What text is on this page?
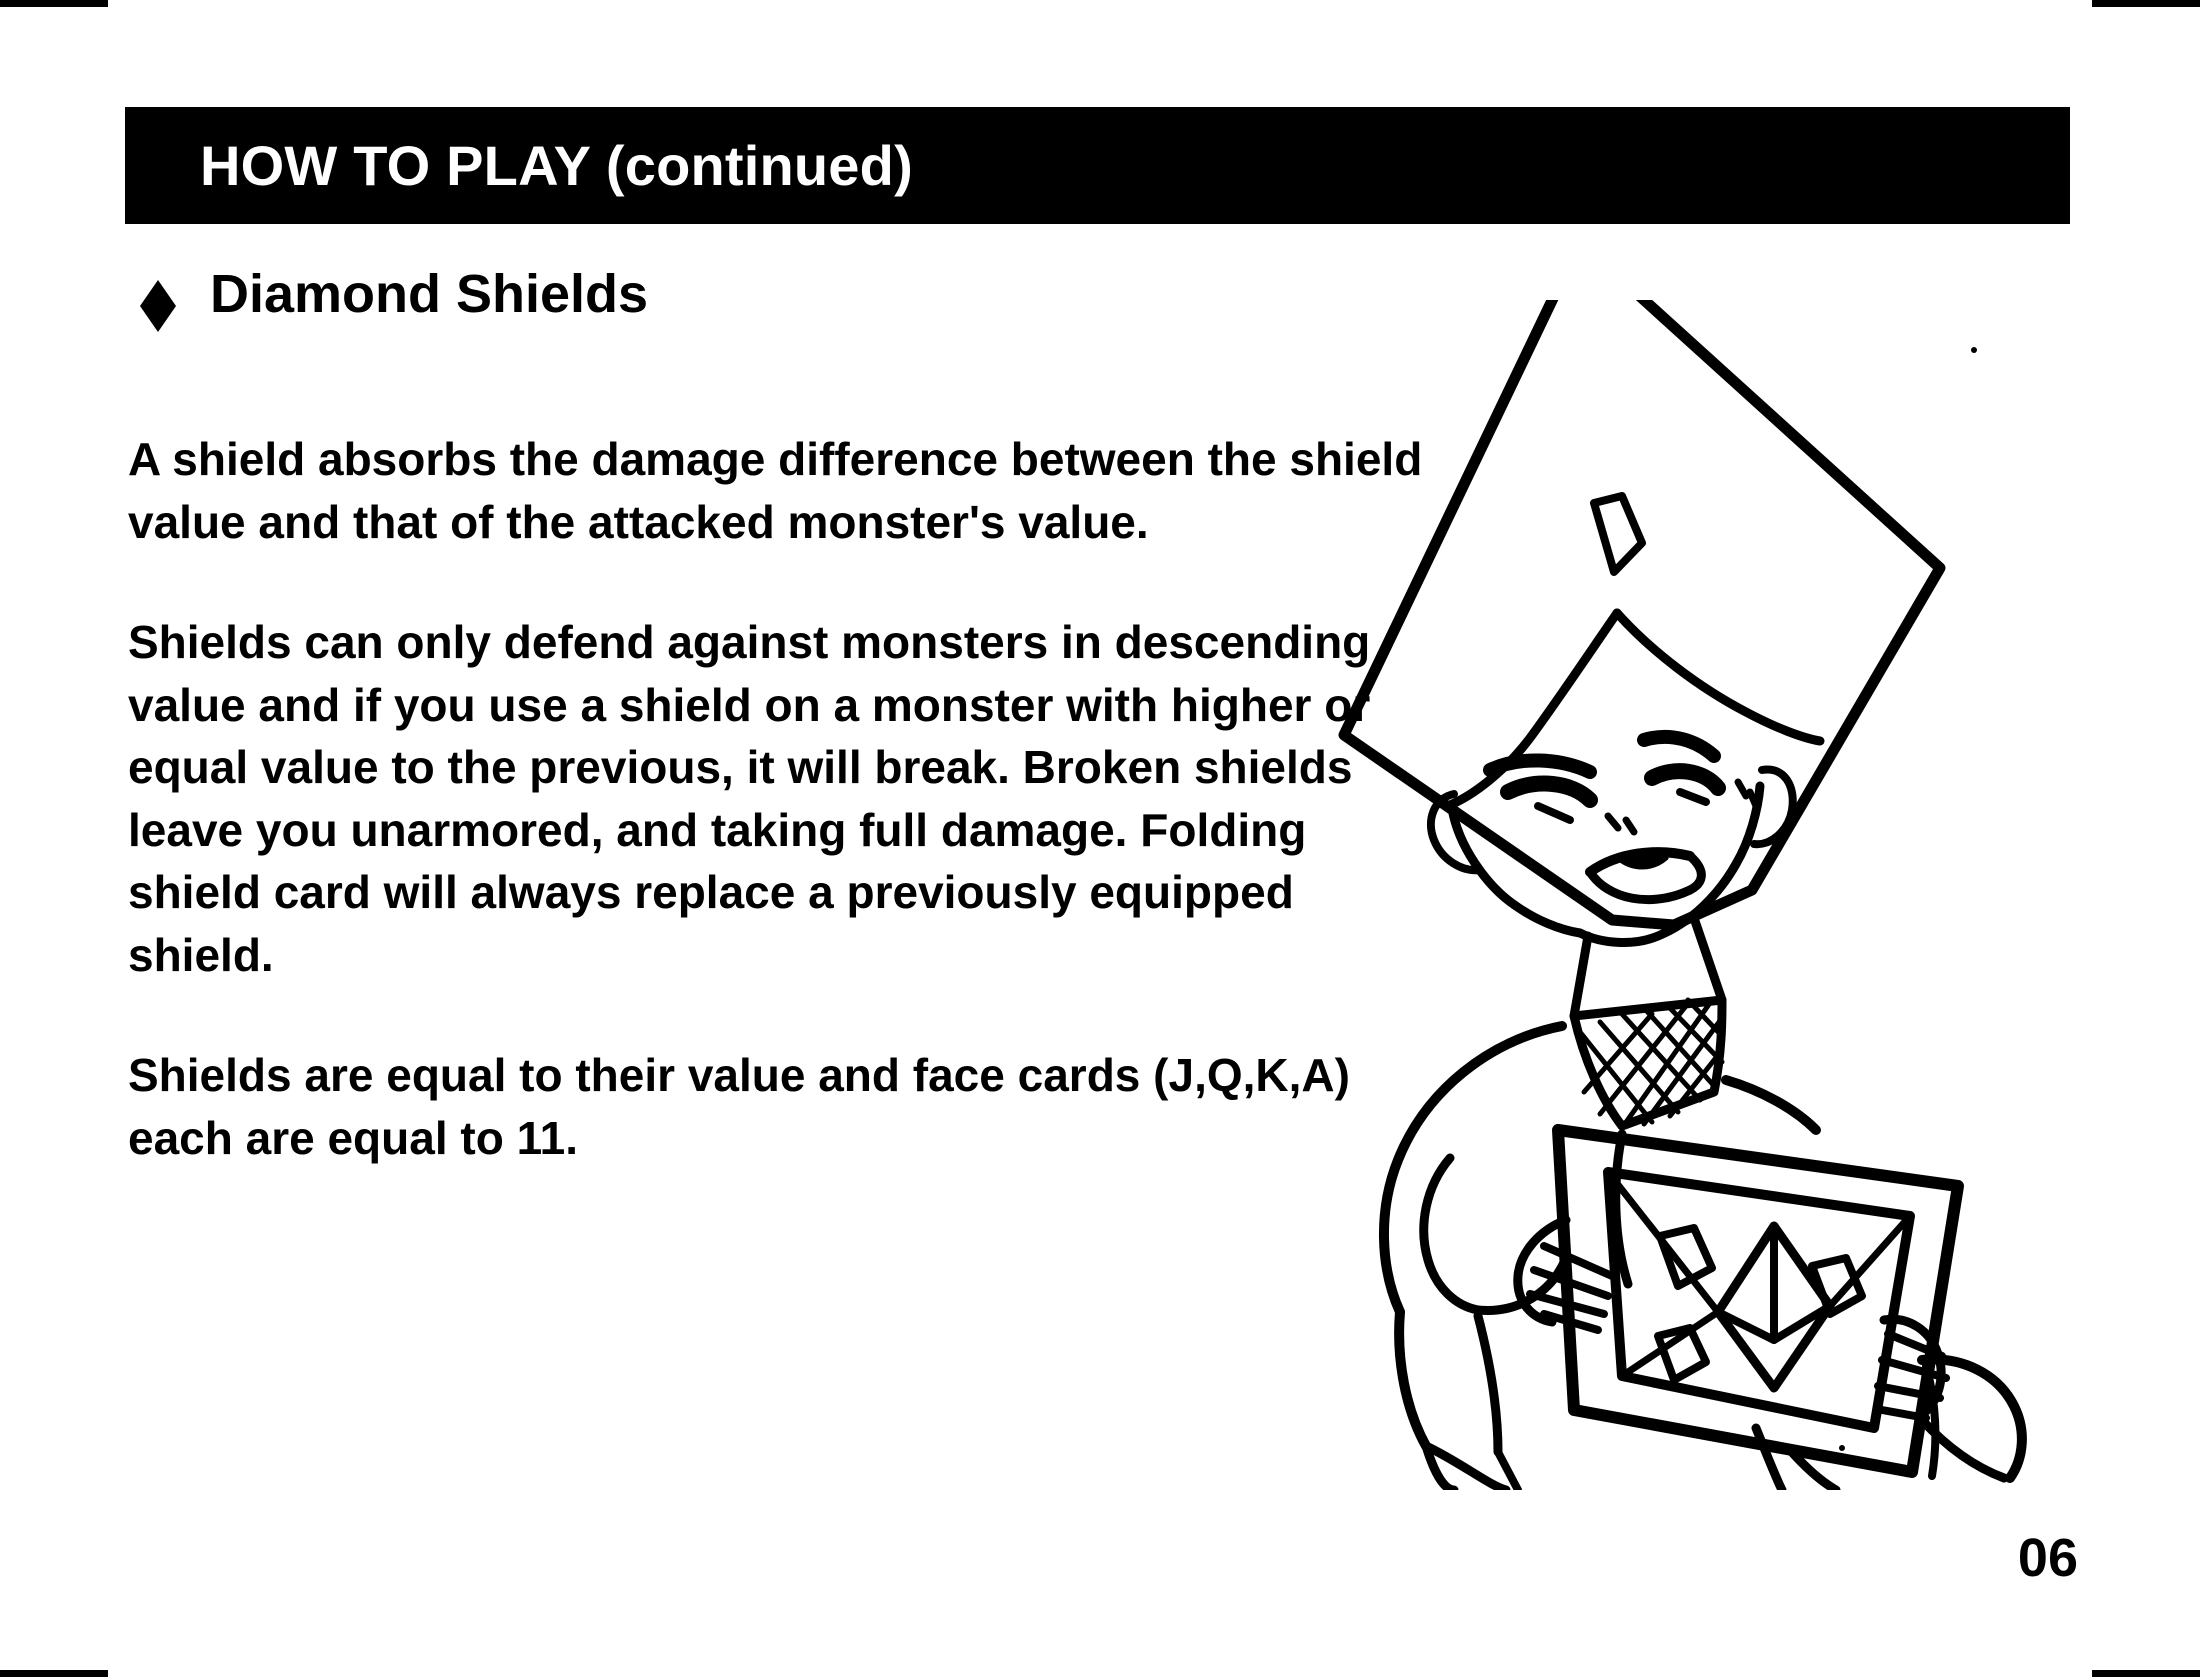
HOW TO PLAY (continued)
Diamond Shields

A shield absorbs the damage difference between the shield value and that of the attacked monster's value.

Shields can only defend against monsters in descending value and if you use a shield on a monster with higher or equal value to the previous, it will break. Broken shields leave you unarmored, and taking full damage. Folding shield card will always replace a previously equipped shield.

Shields are equal to their value and face cards (J,Q,K,A) each are equal to 11.

06
